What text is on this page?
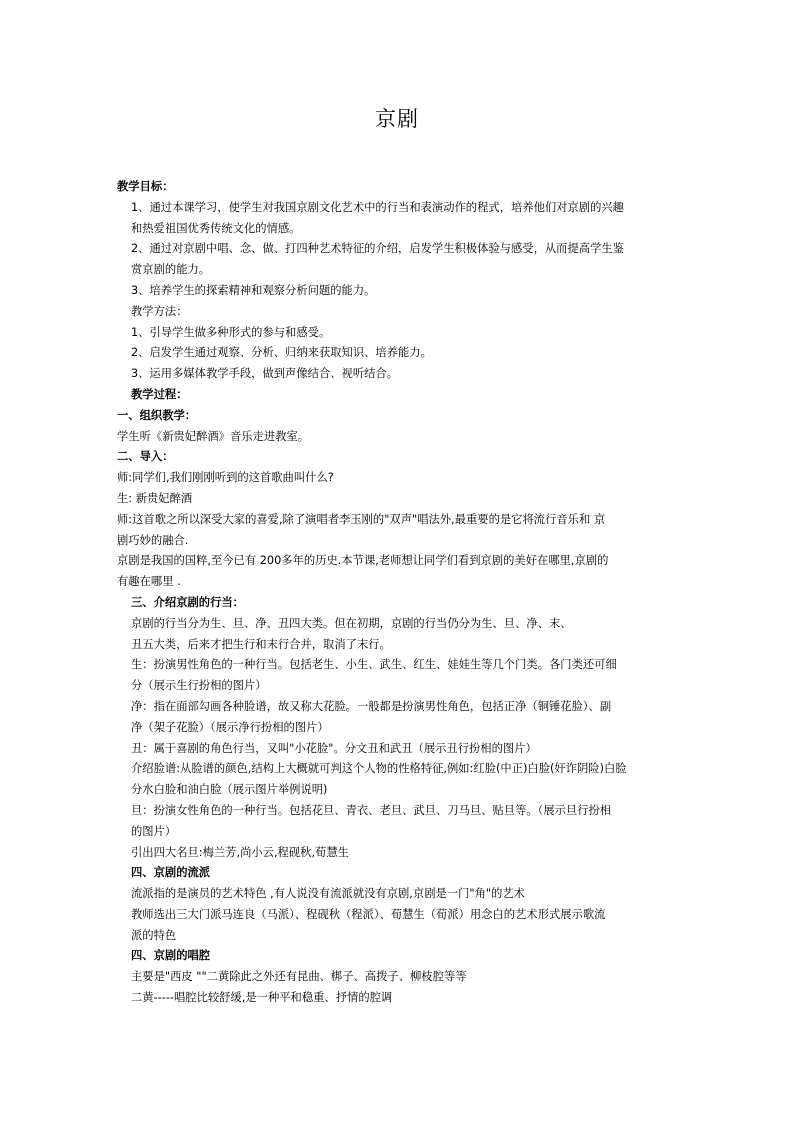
京剧
教学目标：
1、通过本课学习，使学生对我国京剧文化艺术中的行当和表演动作的程式，培养他们对京剧的兴趣
和热爱祖国优秀传统文化的情感。
2、通过对京剧中唱、念、做、打四种艺术特征的介绍，启发学生积极体验与感受，从而提高学生鉴
赏京剧的能力。
3、培养学生的探索精神和观察分析问题的能力。
教学方法：
1、引导学生做多种形式的参与和感受。
2、启发学生通过观察、分析、归纳来获取知识、培养能力。
3、运用多媒体教学手段，做到声像结合、视听结合。
教学过程：
一、组织教学：
学生听《新贵妃醉酒》音乐走进教室。
二、导入：
师:同学们,我们刚刚听到的这首歌曲叫什么?
生: 新贵妃醉酒
师:这首歌之所以深受大家的喜爱,除了演唱者李玉刚的"双声"唱法外,最重要的是它将流行音乐和 京
剧巧妙的融合.
京剧是我国的国粹,至今已有 200多年的历史.本节课,老师想让同学们看到京剧的美好在哪里,京剧的
有趣在哪里 .
三、介绍京剧的行当：
京剧的行当分为生、旦、净、丑四大类。但在初期，京剧的行当仍分为生、旦、净、末、
丑五大类，后来才把生行和末行合并，取消了末行。
生：扮演男性角色的一种行当。包括老生、小生、武生、红生、娃娃生等几个门类。各门类还可细
分（展示生行扮相的图片）
净：指在面部勾画各种脸谱，故又称大花脸。一般都是扮演男性角色，包括正净（铜锤花脸）、副
净（架子花脸）（展示净行扮相的图片）
丑：属于喜剧的角色行当，又叫"小花脸"。分文丑和武丑（展示丑行扮相的图片）
介绍脸谱:从脸谱的颜色,结构上大概就可判这个人物的性格特征,例如:红脸(中正)白脸(奸诈阴险)白脸
分水白脸和油白脸（展示图片举例说明)
旦：扮演女性角色的一种行当。包括花旦、青衣、老旦、武旦、刀马旦、贴旦等。（展示旦行扮相
的图片）
引出四大名旦:梅兰芳,尚小云,程砚秋,荀慧生
四、京剧的流派
流派指的是演员的艺术特色 ,有人说没有流派就没有京剧,京剧是一门"角"的艺术
教师选出三大门派马连良（马派）、程砚秋（程派）、荀慧生（荀派）用念白的艺术形式展示歌流
派的特色
四、京剧的唱腔
主要是"西皮 ""二黄除此之外还有昆曲、梆子、高拨子、柳枝腔等等
二黄-----唱腔比较舒缓,是一种平和稳重、抒情的腔调
